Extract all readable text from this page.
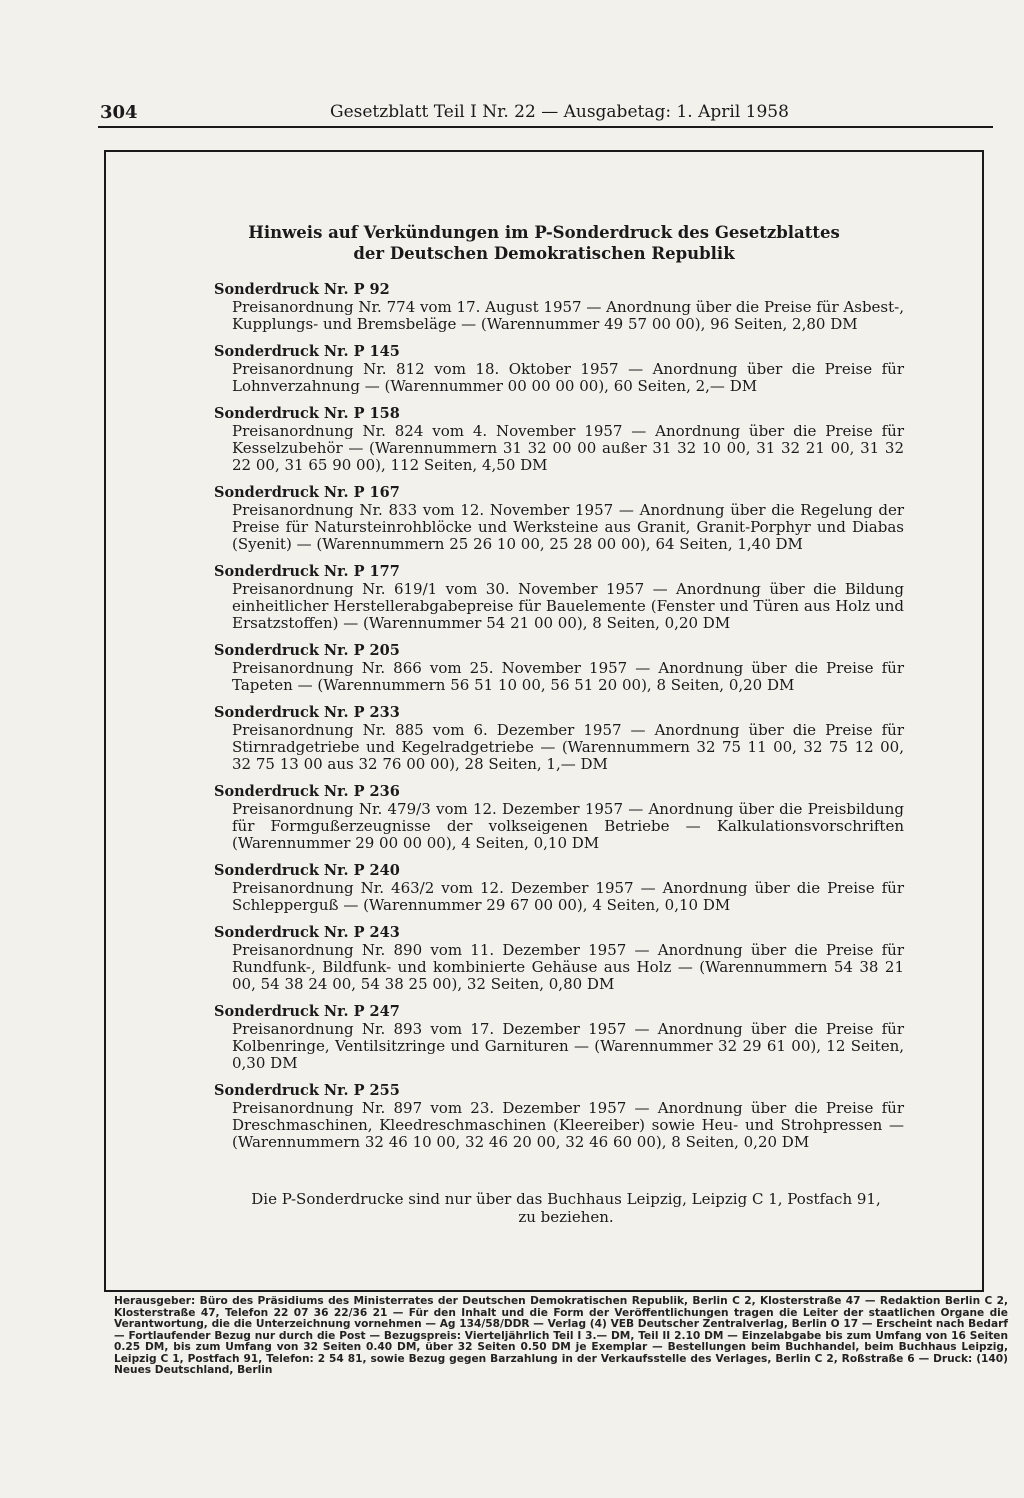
304	Gesetzblatt Teil I Nr. 22 — Ausgabetag: 1. April 1958
Hinweis auf Verkündungen im P-Sonderdruck des Gesetzblattes
der Deutschen Demokratischen Republik
Sonderdruck Nr. P 92
Preisanordnung Nr. 774 vom 17. August 1957 — Anordnung über die Preise für Asbest-, Kupplungs- und Bremsbeläge — (Warennummer 49 57 00 00), 96 Seiten, 2,80 DM
Sonderdruck Nr. P 145
Preisanordnung Nr. 812 vom 18. Oktober 1957 — Anordnung über die Preise für Lohnverzahnung — (Warennummer 00 00 00 00), 60 Seiten, 2,— DM
Sonderdruck Nr. P 158
Preisanordnung Nr. 824 vom 4. November 1957 — Anordnung über die Preise für Kesselzubehör — (Warennummern 31 32 00 00 außer 31 32 10 00, 31 32 21 00, 31 32 22 00, 31 65 90 00), 112 Seiten, 4,50 DM
Sonderdruck Nr. P 167
Preisanordnung Nr. 833 vom 12. November 1957 — Anordnung über die Regelung der Preise für Natursteinrohblöcke und Werksteine aus Granit, Granit-Porphyr und Diabas (Syenit) — (Warennummern 25 26 10 00, 25 28 00 00), 64 Seiten, 1,40 DM
Sonderdruck Nr. P 177
Preisanordnung Nr. 619/1 vom 30. November 1957 — Anordnung über die Bildung einheitlicher Herstellerabgabepreise für Bauelemente (Fenster und Türen aus Holz und Ersatzstoffen) — (Warennummer 54 21 00 00), 8 Seiten, 0,20 DM
Sonderdruck Nr. P 205
Preisanordnung Nr. 866 vom 25. November 1957 — Anordnung über die Preise für Tapeten — (Warennummern 56 51 10 00, 56 51 20 00), 8 Seiten, 0,20 DM
Sonderdruck Nr. P 233
Preisanordnung Nr. 885 vom 6. Dezember 1957 — Anordnung über die Preise für Stirnradgetriebe und Kegelradgetriebe — (Warennummern 32 75 11 00, 32 75 12 00, 32 75 13 00 aus 32 76 00 00), 28 Seiten, 1,— DM
Sonderdruck Nr. P 236
Preisanordnung Nr. 479/3 vom 12. Dezember 1957 — Anordnung über die Preisbildung für Formgußerzeugnisse der volkseigenen Betriebe — Kalkulationsvorschriften (Warennummer 29 00 00 00), 4 Seiten, 0,10 DM
Sonderdruck Nr. P 240
Preisanordnung Nr. 463/2 vom 12. Dezember 1957 — Anordnung über die Preise für Schlepperguß — (Warennummer 29 67 00 00), 4 Seiten, 0,10 DM
Sonderdruck Nr. P 243
Preisanordnung Nr. 890 vom 11. Dezember 1957 — Anordnung über die Preise für Rundfunk-, Bildfunk- und kombinierte Gehäuse aus Holz — (Warennummern 54 38 21 00, 54 38 24 00, 54 38 25 00), 32 Seiten, 0,80 DM
Sonderdruck Nr. P 247
Preisanordnung Nr. 893 vom 17. Dezember 1957 — Anordnung über die Preise für Kolbenringe, Ventilsitzringe und Garnituren — (Warennummer 32 29 61 00), 12 Seiten, 0,30 DM
Sonderdruck Nr. P 255
Preisanordnung Nr. 897 vom 23. Dezember 1957 — Anordnung über die Preise für Dreschmaschinen, Kleedreschmaschinen (Kleereiber) sowie Heu- und Strohpressen — (Warennummern 32 46 10 00, 32 46 20 00, 32 46 60 00), 8 Seiten, 0,20 DM
Die P-Sonderdrucke sind nur über das Buchhaus Leipzig, Leipzig C 1, Postfach 91,
zu beziehen.
Herausgeber: Büro des Präsidiums des Ministerrates der Deutschen Demokratischen Republik, Berlin C 2, Klosterstraße 47 — Redaktion Berlin C 2, Klosterstraße 47, Telefon 22 07 36 22/36 21 — Für den Inhalt und die Form der Veröffentlichungen tragen die Leiter der staatlichen Organe die Verantwortung, die die Unterzeichnung vornehmen — Ag 134/58/DDR — Verlag (4) VEB Deutscher Zentralverlag, Berlin O 17 — Erscheint nach Bedarf — Fortlaufender Bezug nur durch die Post — Bezugspreis: Vierteljährlich Teil I 3.— DM, Teil II 2.10 DM — Einzelabgabe bis zum Umfang von 16 Seiten 0.25 DM, bis zum Umfang von 32 Seiten 0.40 DM, über 32 Seiten 0.50 DM je Exemplar — Bestellungen beim Buchhandel, beim Buchhaus Leipzig, Leipzig C 1, Postfach 91, Telefon: 2 54 81, sowie Bezug gegen Barzahlung in der Verkaufsstelle des Verlages, Berlin C 2, Roßstraße 6 — Druck: (140) Neues Deutschland, Berlin
